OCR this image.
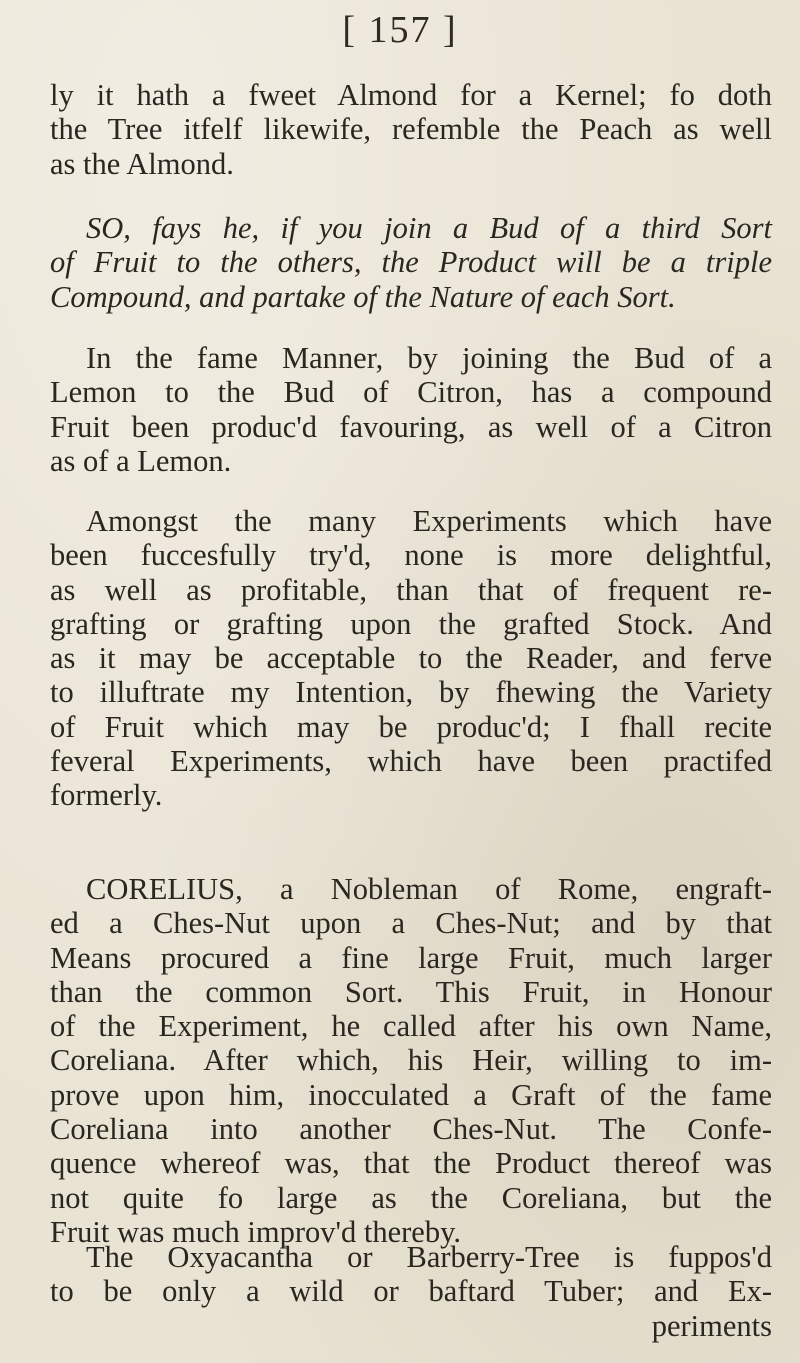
[ 157 ]
ly it hath a fweet Almond for a Kernel; fo doth
the Tree itfelf likewife, refemble the Peach as well
as the Almond.
SO, fays he, if you join a Bud of a third Sort
of Fruit to the others, the Product will be a triple
Compound, and partake of the Nature of each Sort.
In the fame Manner, by joining the Bud of a
Lemon to the Bud of Citron, has a compound
Fruit been produc'd favouring, as well of a Citron
as of a Lemon.
Amongst the many Experiments which have
been fuccesfully try'd, none is more delightful,
as well as profitable, than that of frequent re-
grafting or grafting upon the grafted Stock. And
as it may be acceptable to the Reader, and ferve
to illuftrate my Intention, by fhewing the Variety
of Fruit which may be produc'd; I fhall recite
feveral Experiments, which have been practifed
formerly.
CORELIUS, a Nobleman of Rome, engraft-
ed a Ches-Nut upon a Ches-Nut; and by that
Means procured a fine large Fruit, much larger
than the common Sort. This Fruit, in Honour
of the Experiment, he called after his own Name,
Coreliana. After which, his Heir, willing to im-
prove upon him, inocculated a Graft of the fame
Coreliana into another Ches-Nut. The Confe-
quence whereof was, that the Product thereof was
not quite fo large as the Coreliana, but the
Fruit was much improv'd thereby.
The Oxyacantha or Barberry-Tree is fuppos'd
to be only a wild or baftard Tuber; and Ex-
periments
